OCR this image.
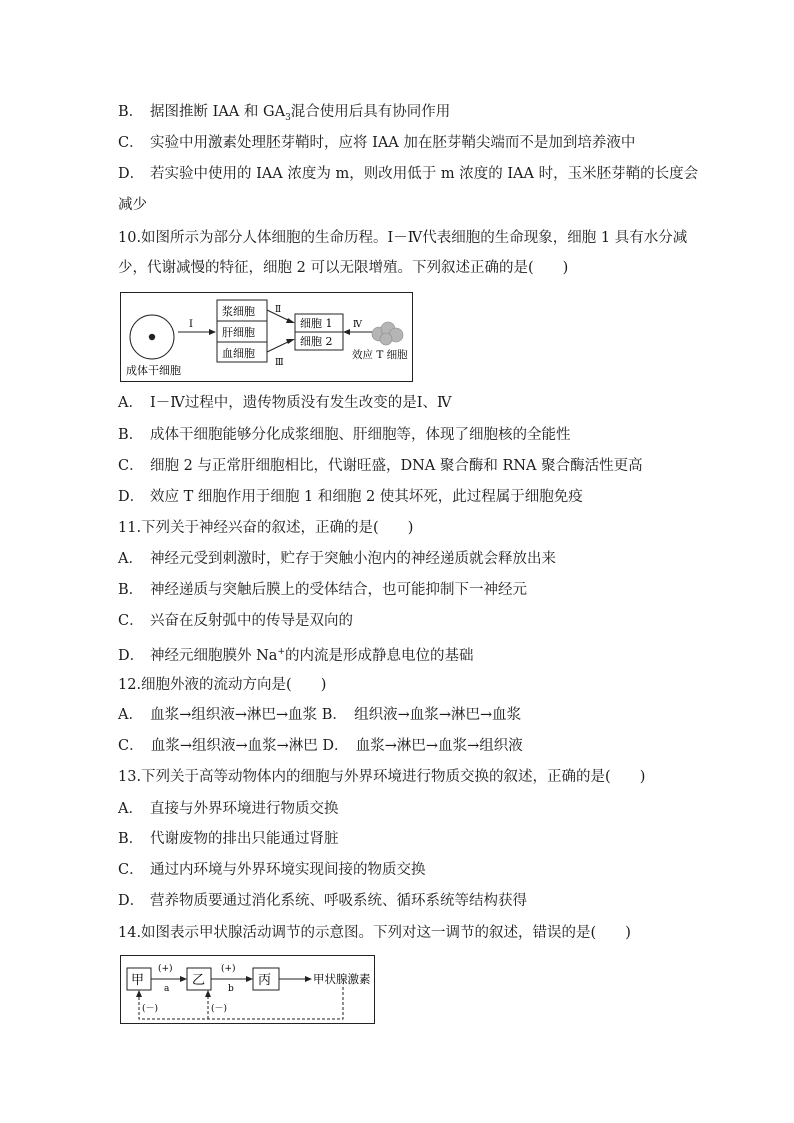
B． 据图推断 IAA 和 $GA_3$混合使用后具有协同作用
C． 实验中用激素处理胚芽鞘时，应将 IAA 加在胚芽鞘尖端而不是加到培养液中
D． 若实验中使用的 IAA 浓度为 m，则改用低于 m 浓度的 IAA 时，玉米胚芽鞘的长度会
减少
10.如图所示为部分人体细胞的生命历程。Ⅰ－Ⅳ代表细胞的生命现象，细胞 1 具有水分减
少，代谢减慢的特征，细胞 2 可以无限增殖。下列叙述正确的是(　　)
成体干细胞
Ⅰ
浆细胞
肝细胞
血细胞
Ⅱ
Ⅲ
细胞 1
细胞 2
Ⅳ
效应 T 细胞
A． Ⅰ－Ⅳ过程中，遗传物质没有发生改变的是Ⅰ、Ⅳ
B． 成体干细胞能够分化成浆细胞、肝细胞等，体现了细胞核的全能性
C． 细胞 2 与正常肝细胞相比，代谢旺盛，DNA 聚合酶和 RNA 聚合酶活性更高
D． 效应 T 细胞作用于细胞 1 和细胞 2 使其坏死，此过程属于细胞免疫
11.下列关于神经兴奋的叙述，正确的是(　　)
A． 神经元受到刺激时，贮存于突触小泡内的神经递质就会释放出来
B． 神经递质与突触后膜上的受体结合，也可能抑制下一神经元
C． 兴奋在反射弧中的传导是双向的
D． 神经元细胞膜外 Na+的内流是形成静息电位的基础
12.细胞外液的流动方向是(　　)
A．　血浆→组织液→淋巴→血浆 B．　组织液→血浆→淋巴→血浆
C．　血浆→组织液→血浆→淋巴 D．　血浆→淋巴→血浆→组织液
13.下列关于高等动物体内的细胞与外界环境进行物质交换的叙述，正确的是(　　)
A． 直接与外界环境进行物质交换
B． 代谢废物的排出只能通过肾脏
C． 通过内环境与外界环境实现间接的物质交换
D． 营养物质要通过消化系统、呼吸系统、循环系统等结构获得
14.如图表示甲状腺活动调节的示意图。下列对这一调节的叙述，错误的是(　　)
甲
(+)
a
乙
(+)
b
丙	甲状腺激素
(－)	(－)
